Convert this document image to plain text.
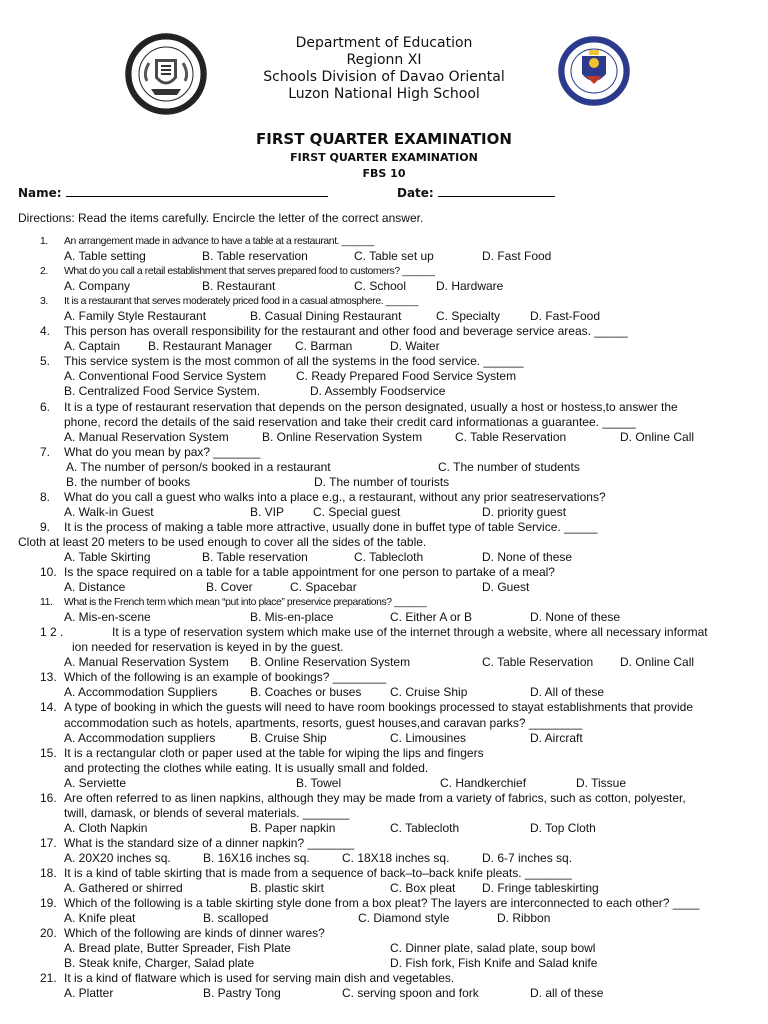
Department of Education
Regionn XI
Schools Division of Davao Oriental
Luzon National High School
FIRST QUARTER EXAMINATION
FIRST QUARTER EXAMINATION
FBS 10
Name:	Date:
Directions: Read the items carefully. Encircle the letter of the correct answer.
1. An arrangement made in advance to have a table at a restaurant. ______
A. Table setting	B. Table reservation	C. Table set up	D. Fast Food
2. What do you call a retail establishment that serves prepared food to customers? ______
A. Company	B. Restaurant	C. School D. Hardware
3. It is a restaurant that serves moderately priced food in a casual atmosphere. ______
A. Family Style Restaurant	B. Casual Dining Restaurant	C. Specialty D. Fast-Food
4. This person has overall responsibility for the restaurant and other food and beverage service areas. _____
A. Captain B. Restaurant Manager C. Barman	D. Waiter
5. This service system is the most common of all the systems in the food service. ______
A. Conventional Food Service System C. Ready Prepared Food Service System
B. Centralized Food Service System.	D. Assembly Foodservice
6. It is a type of restaurant reservation that depends on the person designated, usually a host or hostess,to answer the
phone, record the details of the said reservation and take their credit card informationas a guarantee. _____
A. Manual Reservation System	B. Online Reservation System	C. Table Reservation	D. Online Call
7. What do you mean by pax? _______
A. The number of person/s booked in a restaurant	C. The number of students
B. the number of books	D. The number of tourists
8. What do you call a guest who walks into a place e.g., a restaurant, without any prior seatreservations?
A. Walk-in Guest	B. VIP C. Special guest	D. priority guest
9. It is the process of making a table more attractive, usually done in buffet type of table Service. _____
Cloth at least 20 meters to be used enough to cover all the sides of the table.
A. Table Skirting	B. Table reservation	C. Tablecloth	D. None of these
10. Is the space required on a table for a table appointment for one person to partake of a meal?
A. Distance	B. Cover	C. Spacebar	D. Guest
11. What is the French term which mean “put into place” preservice preparations? ______
A. Mis-en-scene	B. Mis-en-place	C. Either A or B	D. None of these
1 2 .	It is a type of reservation system which make use of the internet through a website, where all necessary informat
ion needed for reservation is keyed in by the guest.
A. Manual Reservation System B. Online Reservation System	C. Table Reservation D. Online Call
13. Which of the following is an example of bookings? ________
A. Accommodation Suppliers	B. Coaches or buses C. Cruise Ship	D. All of these
14. A type of booking in which the guests will need to have room bookings processed to stayat establishments that provide
accommodation such as hotels, apartments, resorts, guest houses,and caravan parks? ________
A. Accommodation suppliers	B. Cruise Ship	C. Limousines	D. Aircraft
15. It is a rectangular cloth or paper used at the table for wiping the lips and fingers
and protecting the clothes while eating. It is usually small and folded.
A. Serviette	B. Towel	C. Handkerchief	D. Tissue
16. Are often referred to as linen napkins, although they may be made from a variety of fabrics, such as cotton, polyester,
twill, damask, or blends of several materials. _______
A. Cloth Napkin	B. Paper napkin	C. Tablecloth	D. Top Cloth
17. What is the standard size of a dinner napkin? _______
A. 20X20 inches sq.	B. 16X16 inches sq.	C. 18X18 inches sq.	D. 6-7 inches sq.
18. It is a kind of table skirting that is made from a sequence of back–to–back knife pleats. _______
A. Gathered or shirred	B. plastic skirt	C. Box pleat D. Fringe tableskirting
19. Which of the following is a table skirting style done from a box pleat? The layers are interconnected to each other? ____
A. Knife pleat	B. scalloped	C. Diamond style	D. Ribbon
20. Which of the following are kinds of dinner wares?
A. Bread plate, Butter Spreader, Fish Plate	C. Dinner plate, salad plate, soup bowl
B. Steak knife, Charger, Salad plate	D. Fish fork, Fish Knife and Salad knife
21. It is a kind of flatware which is used for serving main dish and vegetables.
A. Platter	B. Pastry Tong	C. serving spoon and fork	D. all of these
